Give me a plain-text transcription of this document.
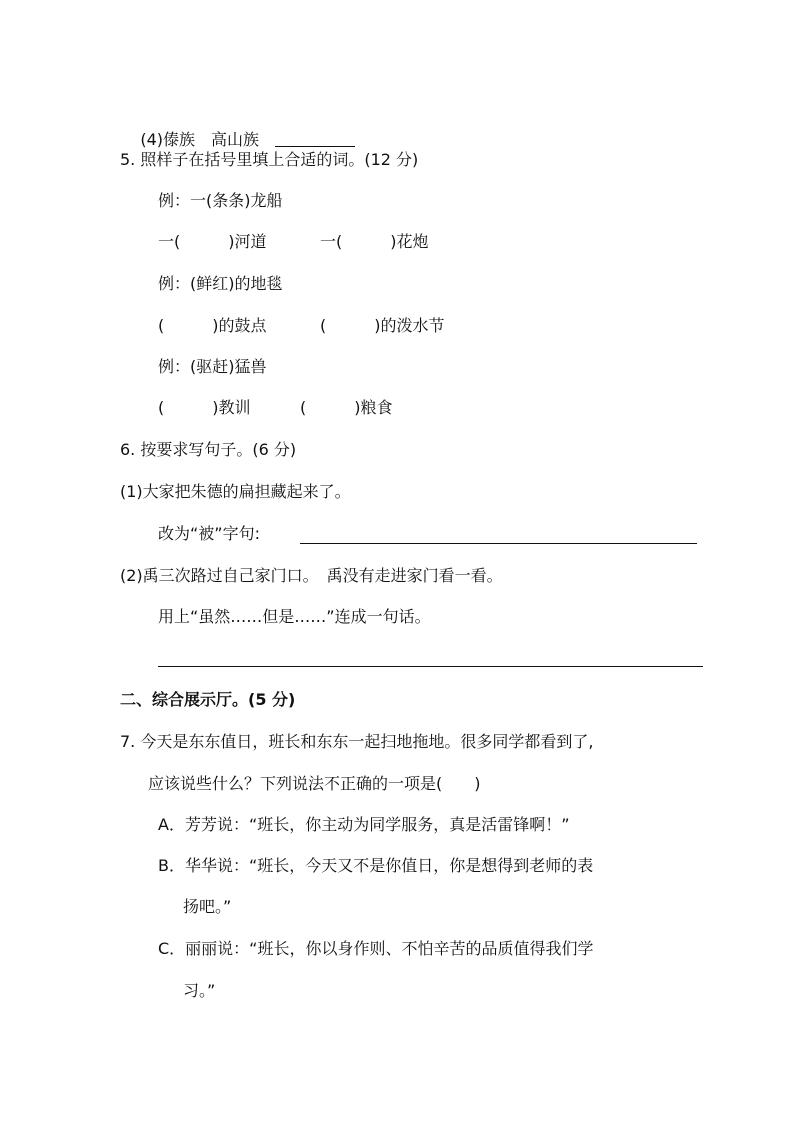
(4)傣族　高山族

5. 照样子在括号里填上合适的词。(12 分)
例：一(条条)龙船
一(　　　)河道	一(　　　)花炮
例：(鲜红)的地毯
(　　　)的鼓点	(　　　)的泼水节
例：(驱赶)猛兽
(　　　)教训	(　　　)粮食
6. 按要求写句子。(6 分)
(1)大家把朱德的扁担藏起来了。
改为“被”字句:
(2)禹三次路过自己家门口。　禹没有走进家门看一看。
用上“虽然……但是……”连成一句话。
二、综合展示厅。(5 分)
7. 今天是东东值日，班长和东东一起扫地拖地。很多同学都看到了,
应该说些什么？下列说法不正确的一项是(　　)
A．芳芳说：“班长，你主动为同学服务，真是活雷锋啊！”
B．华华说：“班长，今天又不是你值日，你是想得到老师的表
扬吧。”
C．丽丽说：“班长，你以身作则、不怕辛苦的品质值得我们学
习。”
